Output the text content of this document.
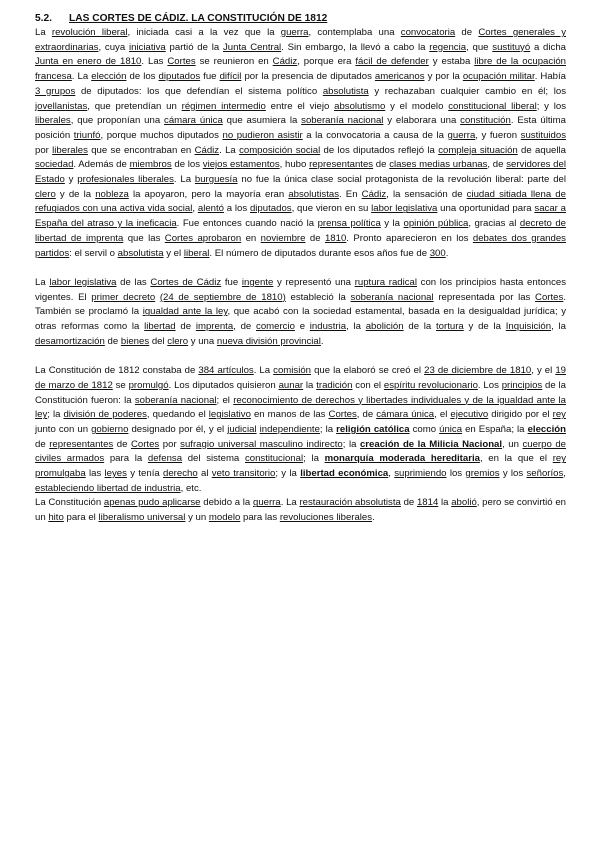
5.2. LAS CORTES DE CÁDIZ. LA CONSTITUCIÓN DE 1812

La revolución liberal, iniciada casi a la vez que la guerra, contemplaba una convocatoria de Cortes generales y extraordinarias, cuya iniciativa partió de la Junta Central. Sin embargo, la llevó a cabo la regencia, que sustituyó a dicha Junta en enero de 1810. Las Cortes se reunieron en Cádiz, porque era fácil de defender y estaba libre de la ocupación francesa. La elección de los diputados fue difícil por la presencia de diputados americanos y por la ocupación militar. Había 3 grupos de diputados: los que defendían el sistema político absolutista y rechazaban cualquier cambio en él; los jovellanistas, que pretendían un régimen intermedio entre el viejo absolutismo y el modelo constitucional liberal; y los liberales, que proponían una cámara única que asumiera la soberanía nacional y elaborara una constitución. Esta última posición triunfó, porque muchos diputados no pudieron asistir a la convocatoria a causa de la guerra, y fueron sustituidos por liberales que se encontraban en Cádiz. La composición social de los diputados reflejó la compleja situación de aquella sociedad. Además de miembros de los viejos estamentos, hubo representantes de clases medias urbanas, de servidores del Estado y profesionales liberales. La burguesía no fue la única clase social protagonista de la revolución liberal: parte del clero y de la nobleza la apoyaron, pero la mayoría eran absolutistas. En Cádiz, la sensación de ciudad sitiada llena de refugiados con una activa vida social, alentó a los diputados, que vieron en su labor legislativa una oportunidad para sacar a España del atraso y la ineficacia. Fue entonces cuando nació la prensa política y la opinión pública, gracias al decreto de libertad de imprenta que las Cortes aprobaron en noviembre de 1810. Pronto aparecieron en los debates dos grandes partidos: el servil o absolutista y el liberal. El número de diputados durante esos años fue de 300.

La labor legislativa de las Cortes de Cádiz fue ingente y representó una ruptura radical con los principios hasta entonces vigentes. El primer decreto (24 de septiembre de 1810) estableció la soberanía nacional representada por las Cortes. También se proclamó la igualdad ante la ley, que acabó con la sociedad estamental, basada en la desigualdad jurídica; y otras reformas como la libertad de imprenta, de comercio e industria, la abolición de la tortura y de la Inquisición, la desamortización de bienes del clero y una nueva división provincial.

La Constitución de 1812 constaba de 384 artículos. La comisión que la elaboró se creó el 23 de diciembre de 1810, y el 19 de marzo de 1812 se promulgó. Los diputados quisieron aunar la tradición con el espíritu revolucionario. Los principios de la Constitución fueron: la soberanía nacional; el reconocimiento de derechos y libertades individuales y de la igualdad ante la ley; la división de poderes, quedando el legislativo en manos de las Cortes, de cámara única, el ejecutivo dirigido por el rey junto con un gobierno designado por él, y el judicial independiente; la religión católica como única en España; la elección de representantes de Cortes por sufragio universal masculino indirecto; la creación de la Milicia Nacional, un cuerpo de civiles armados para la defensa del sistema constitucional; la monarquía moderada hereditaria, en la que el rey promulgaba las leyes y tenía derecho al veto transitorio; y la libertad económica, suprimiendo los gremios y los señoríos, estableciendo libertad de industria, etc.

La Constitución apenas pudo aplicarse debido a la guerra. La restauración absolutista de 1814 la abolió, pero se convirtió en un hito para el liberalismo universal y un modelo para las revoluciones liberales.
